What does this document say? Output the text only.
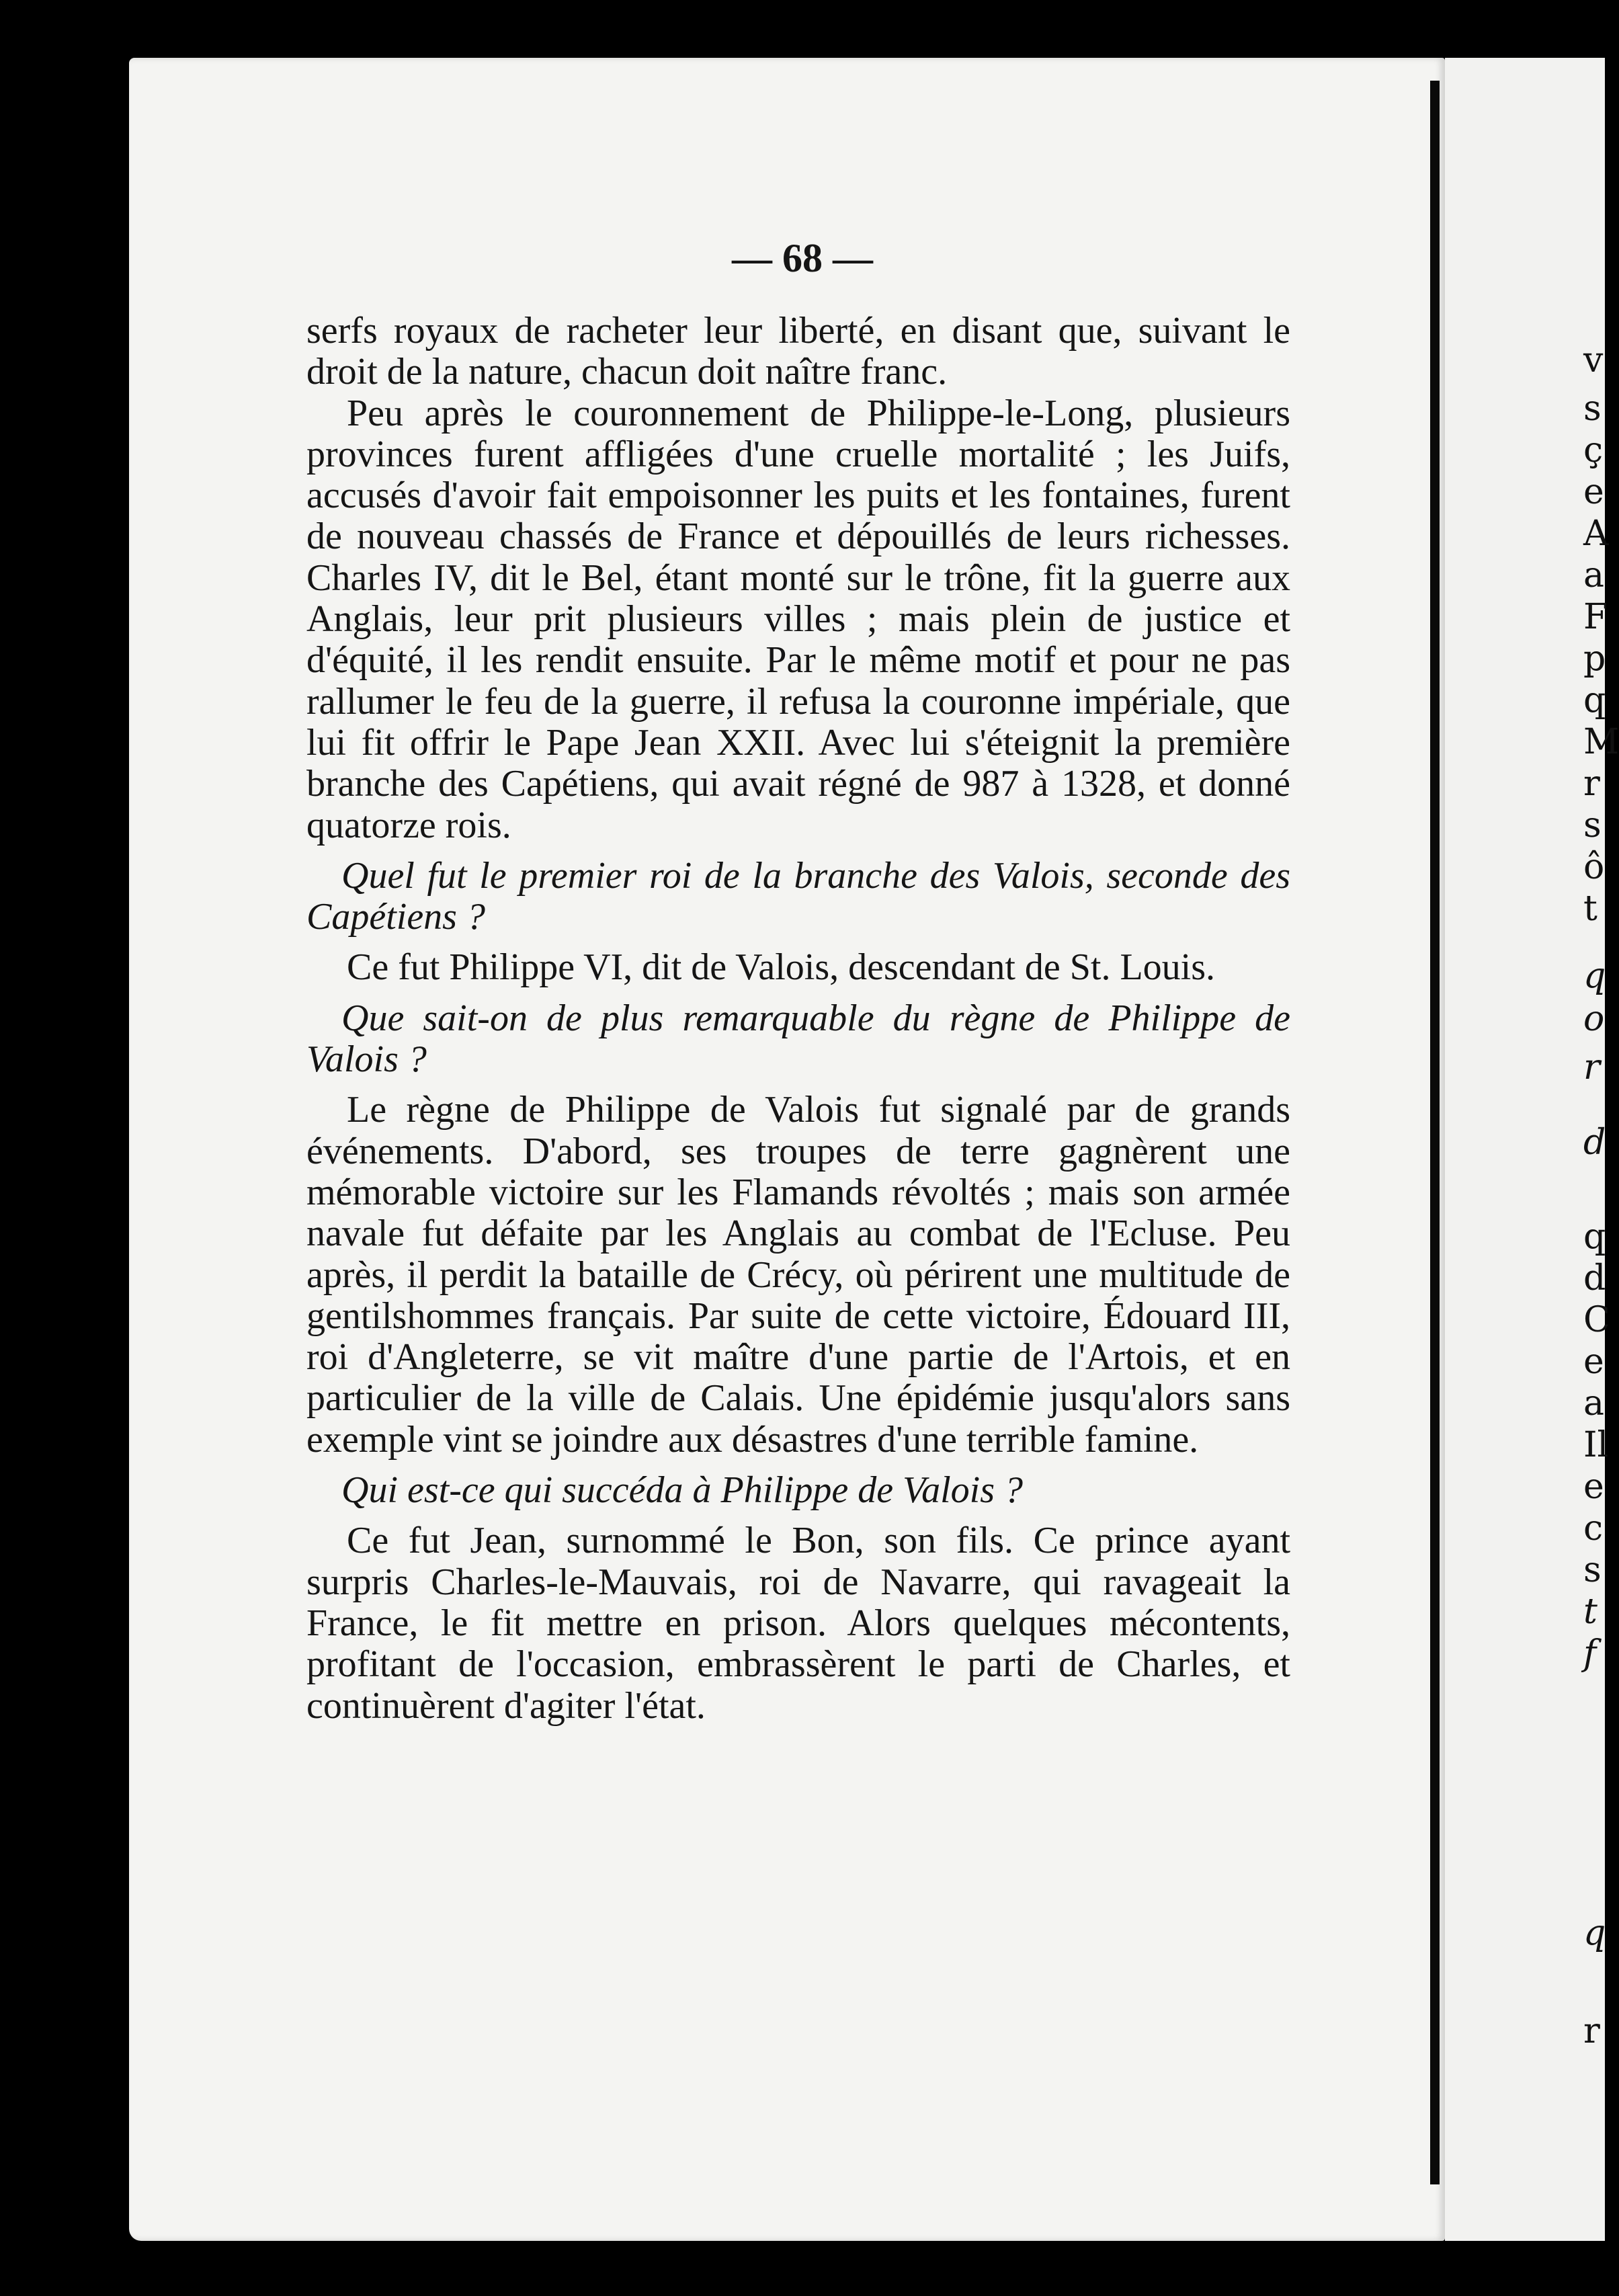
v
s
ç
e
A
a
F
p
q
M
r
s
ô
t
q
o
r
d
q
d
C
e
a
Il
e
c
s
t
f
q
r
— 68 —

serfs royaux de racheter leur liberté, en disant que, suivant le droit de la nature, chacun doit naître franc.

Peu après le couronnement de Philippe-le-Long, plusieurs provinces furent affligées d'une cruelle mortalité ; les Juifs, accusés d'avoir fait empoisonner les puits et les fontaines, furent de nouveau chassés de France et dépouillés de leurs richesses. Charles IV, dit le Bel, étant monté sur le trône, fit la guerre aux Anglais, leur prit plusieurs villes ; mais plein de justice et d'équité, il les rendit ensuite. Par le même motif et pour ne pas rallumer le feu de la guerre, il refusa la couronne impériale, que lui fit offrir le Pape Jean XXII. Avec lui s'éteignit la première branche des Capétiens, qui avait régné de 987 à 1328, et donné quatorze rois.

Quel fut le premier roi de la branche des Valois, seconde des Capétiens ?

Ce fut Philippe VI, dit de Valois, descendant de St. Louis.

Que sait-on de plus remarquable du règne de Philippe de Valois ?

Le règne de Philippe de Valois fut signalé par de grands événements. D'abord, ses troupes de terre gagnèrent une mémorable victoire sur les Flamands révoltés ; mais son armée navale fut défaite par les Anglais au combat de l'Ecluse. Peu après, il perdit la bataille de Crécy, où périrent une multitude de gentilshommes français. Par suite de cette victoire, Édouard III, roi d'Angleterre, se vit maître d'une partie de l'Artois, et en particulier de la ville de Calais. Une épidémie jusqu'alors sans exemple vint se joindre aux désastres d'une terrible famine.

Qui est-ce qui succéda à Philippe de Valois ?

Ce fut Jean, surnommé le Bon, son fils. Ce prince ayant surpris Charles-le-Mauvais, roi de Navarre, qui ravageait la France, le fit mettre en prison. Alors quelques mécontents, profitant de l'occasion, embrassèrent le parti de Charles, et continuèrent d'agiter l'état.
